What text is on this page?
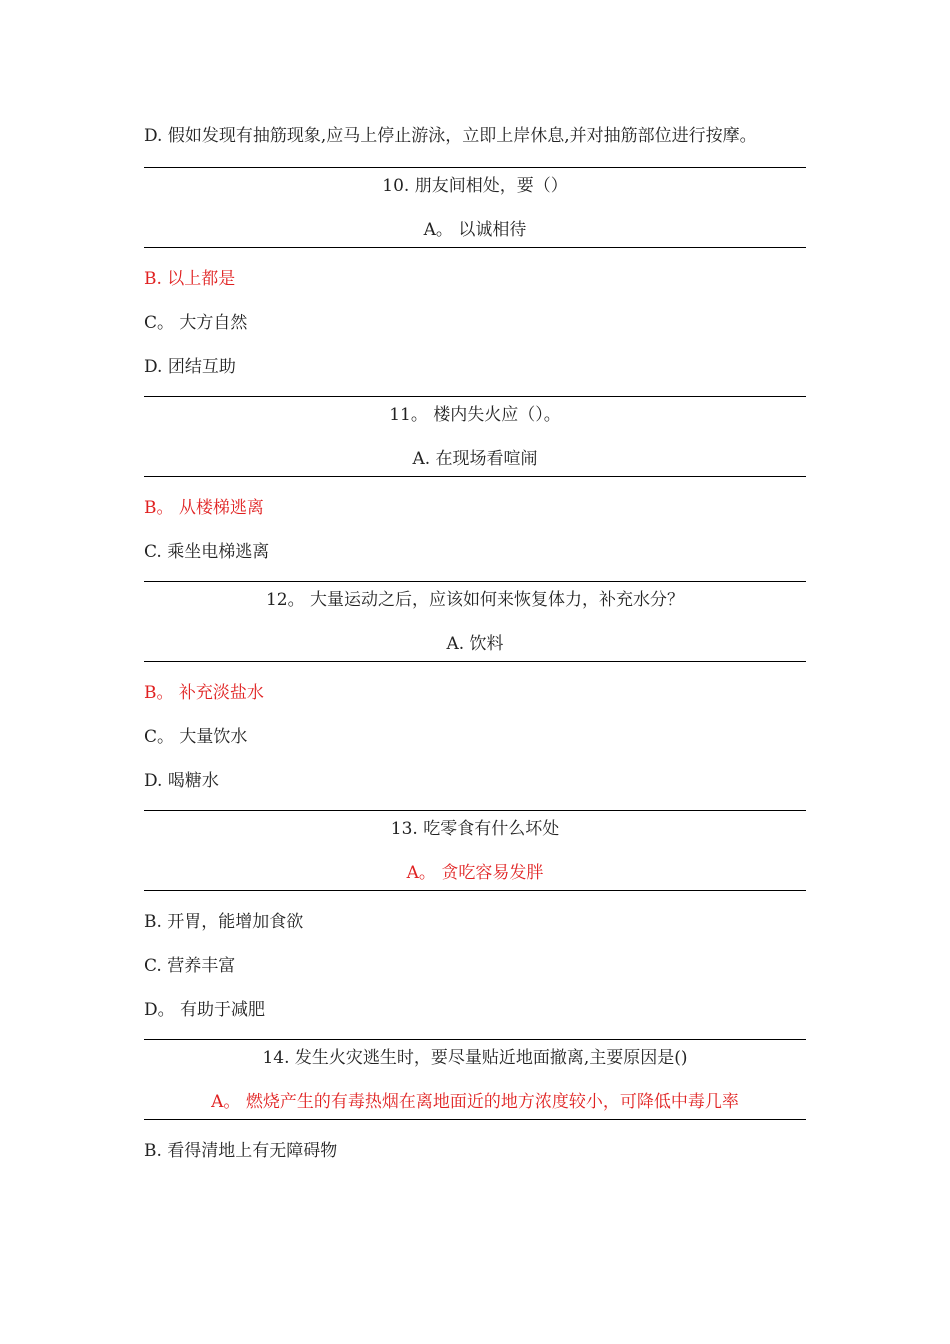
D. 假如发现有抽筋现象,应马上停止游泳，立即上岸休息,并对抽筋部位进行按摩。
10. 朋友间相处，要（）
A。 以诚相待
B. 以上都是
C。 大方自然
D. 团结互助
11。 楼内失火应（）。
A. 在现场看喧闹
B。 从楼梯逃离
C. 乘坐电梯逃离
12。 大量运动之后，应该如何来恢复体力，补充水分？
A. 饮料
B。 补充淡盐水
C。 大量饮水
D. 喝糖水
13. 吃零食有什么坏处
A。 贪吃容易发胖
B. 开胃，能增加食欲
C. 营养丰富
D。 有助于减肥
14. 发生火灾逃生时，要尽量贴近地面撤离,主要原因是()
A。 燃烧产生的有毒热烟在离地面近的地方浓度较小，可降低中毒几率
B. 看得清地上有无障碍物
